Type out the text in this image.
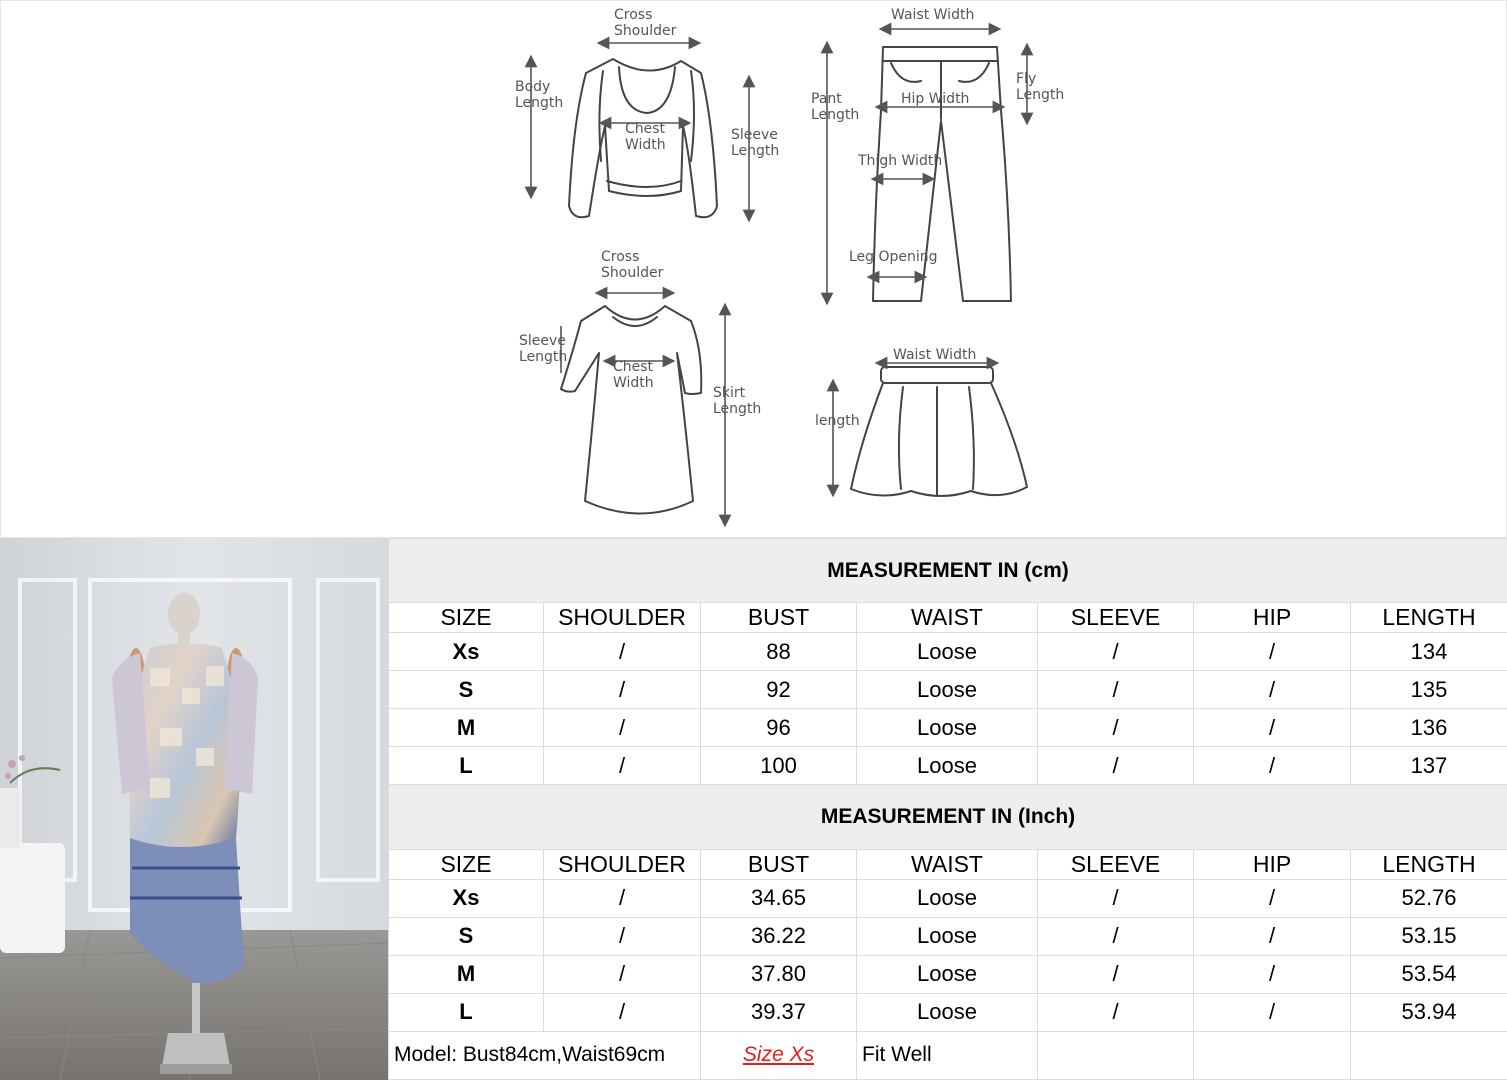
Cross Shoulder
Body Length
Chest Width
Sleeve Length
Waist Width
Pant Length
Hip Width
Fly Length
Thigh Width
Leg Opening
Cross Shoulder
Sleeve Length
Chest Width
Skirt Length
Waist Width
length
MEASUREMENT IN (cm)						
SIZE	SHOULDER	BUST	WAIST	SLEEVE	HIP	LENGTH
Xs	/	88	Loose	/	/	134
S	/	92	Loose	/	/	135
M	/	96	Loose	/	/	136
L	/	100	Loose	/	/	137
MEASUREMENT IN (Inch)						
SIZE	SHOULDER	BUST	WAIST	SLEEVE	HIP	LENGTH
Xs	/	34.65	Loose	/	/	52.76
S	/	36.22	Loose	/	/	53.15
M	/	37.80	Loose	/	/	53.54
L	/	39.37	Loose	/	/	53.94
Model: Bust84cm,Waist69cm		Size Xs	Fit Well			
